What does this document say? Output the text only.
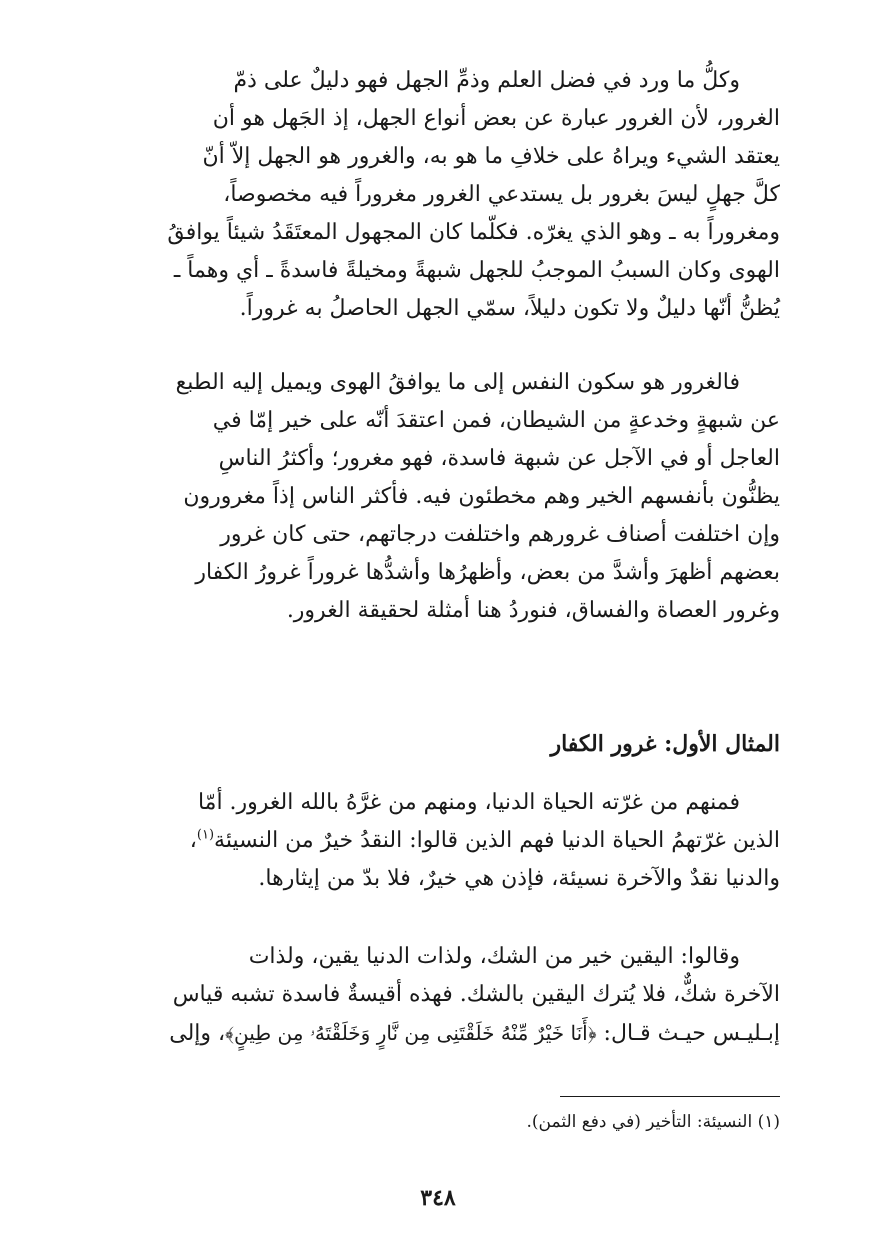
وكلُّ ما ورد في فضل العلم وذمِّ الجهل فهو دليلٌ على ذمّ

الغرور، لأن الغرور عبارة عن بعض أنواع الجهل، إذ الجَهل هو أن

يعتقد الشيء ويراهُ على خلافِ ما هو به، والغرور هو الجهل إلاّ أنّ

كلَّ جهلٍ ليسَ بغرور بل يستدعي الغرور مغروراً فيه مخصوصاً،

ومغروراً به ـ وهو الذي يغرّه. فكلّما كان المجهول المعتَقَدُ شيئاً يوافقُ

الهوى وكان السببُ الموجبُ للجهل شبهةً ومخيلةً فاسدةً ـ أي وهماً ـ

يُظنُّ أنّها دليلٌ ولا تكون دليلاً، سمّي الجهل الحاصلُ به غروراً.

فالغرور هو سكون النفس إلى ما يوافقُ الهوى ويميل إليه الطبع

عن شبهةٍ وخدعةٍ من الشيطان، فمن اعتقدَ أنّه على خير إمّا في

العاجل أو في الآجل عن شبهة فاسدة، فهو مغرور؛ وأكثرُ الناسِ

يظنُّون بأنفسهم الخير وهم مخطئون فيه. فأكثر الناس إذاً مغرورون

وإن اختلفت أصناف غرورهم واختلفت درجاتهم، حتى كان غرور

بعضهم أظهرَ وأشدَّ من بعض، وأظهرُها وأشدُّها غروراً غرورُ الكفار

وغرور العصاة والفساق، فنوردُ هنا أمثلة لحقيقة الغرور.

المثال الأول: غرور الكفار

فمنهم من غرّته الحياة الدنيا، ومنهم من غرَّهُ بالله الغرور. أمّا

الذين غرّتهمُ الحياة الدنيا فهم الذين قالوا: النقدُ خيرٌ من النسيئة$^{(١)}$،

والدنيا نقدٌ والآخرة نسيئة، فإذن هي خيرٌ، فلا بدّ من إيثارها.

وقالوا: اليقين خير من الشك، ولذات الدنيا يقين، ولذات

الآخرة شكٌّ، فلا يُترك اليقين بالشك. فهذه أقيسةٌ فاسدة تشبه قياس

إبـليـس حيـث قـال: ﴿أَنَا خَيْرٌ مِّنْهُ خَلَقْتَنِى مِن نَّارٍ وَخَلَقْتَهُۥ مِن طِينٍ﴾، وإلى

(١) النسيئة: التأخير (في دفع الثمن).
٣٤٨
